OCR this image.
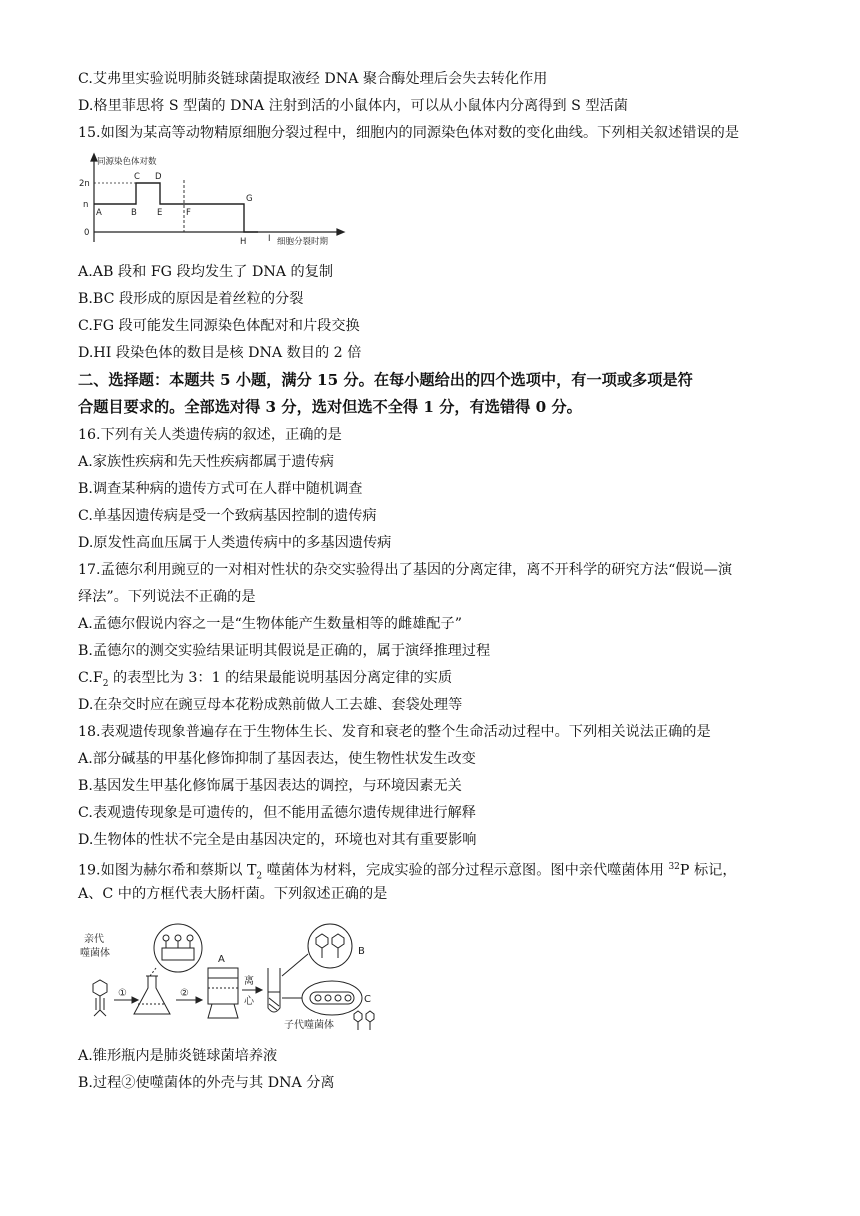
C.艾弗里实验说明肺炎链球菌提取液经 DNA 聚合酶处理后会失去转化作用
D.格里菲思将 S 型菌的 DNA 注射到活的小鼠体内，可以从小鼠体内分离得到 S 型活菌
15.如图为某高等动物精原细胞分裂过程中，细胞内的同源染色体对数的变化曲线。下列相关叙述错误的是
同源染色体对数
2n
n
0
A	B
C D
E	F
G
H	I 细胞分裂时期
A.AB 段和 FG 段均发生了 DNA 的复制
B.BC 段形成的原因是着丝粒的分裂
C.FG 段可能发生同源染色体配对和片段交换
D.HI 段染色体的数目是核 DNA 数目的 2 倍
二、选择题：本题共 5 小题，满分 15 分。在每小题给出的四个选项中，有一项或多项是符
合题目要求的。全部选对得 3 分，选对但选不全得 1 分，有选错得 0 分。
16.下列有关人类遗传病的叙述，正确的是
A.家族性疾病和先天性疾病都属于遗传病
B.调查某种病的遗传方式可在人群中随机调查
C.单基因遗传病是受一个致病基因控制的遗传病
D.原发性高血压属于人类遗传病中的多基因遗传病
17.孟德尔利用豌豆的一对相对性状的杂交实验得出了基因的分离定律，离不开科学的研究方法“假说—演
绎法”。下列说法不正确的是
A.孟德尔假说内容之一是“生物体能产生数量相等的雌雄配子”
B.孟德尔的测交实验结果证明其假说是正确的，属于演绎推理过程
$C.F_2$ 的表型比为 3：1 的结果最能说明基因分离定律的实质
D.在杂交时应在豌豆母本花粉成熟前做人工去雄、套袋处理等
18.表观遗传现象普遍存在于生物体生长、发育和衰老的整个生命活动过程中。下列相关说法正确的是
A.部分碱基的甲基化修饰抑制了基因表达，使生物性状发生改变
B.基因发生甲基化修饰属于基因表达的调控，与环境因素无关
C.表观遗传现象是可遗传的，但不能用孟德尔遗传规律进行解释
D.生物体的性状不完全是由基因决定的，环境也对其有重要影响
19.如图为赫尔希和蔡斯以 $T_2$ 噬菌体为材料，完成实验的部分过程示意图。图中亲代噬菌体用 $^{32}$P 标记，
A、C 中的方框代表大肠杆菌。下列叙述正确的是
亲代
噬菌体
①	②
A
离
心
B
C
子代噬菌体
A.锥形瓶内是肺炎链球菌培养液
B.过程②使噬菌体的外壳与其 DNA 分离
